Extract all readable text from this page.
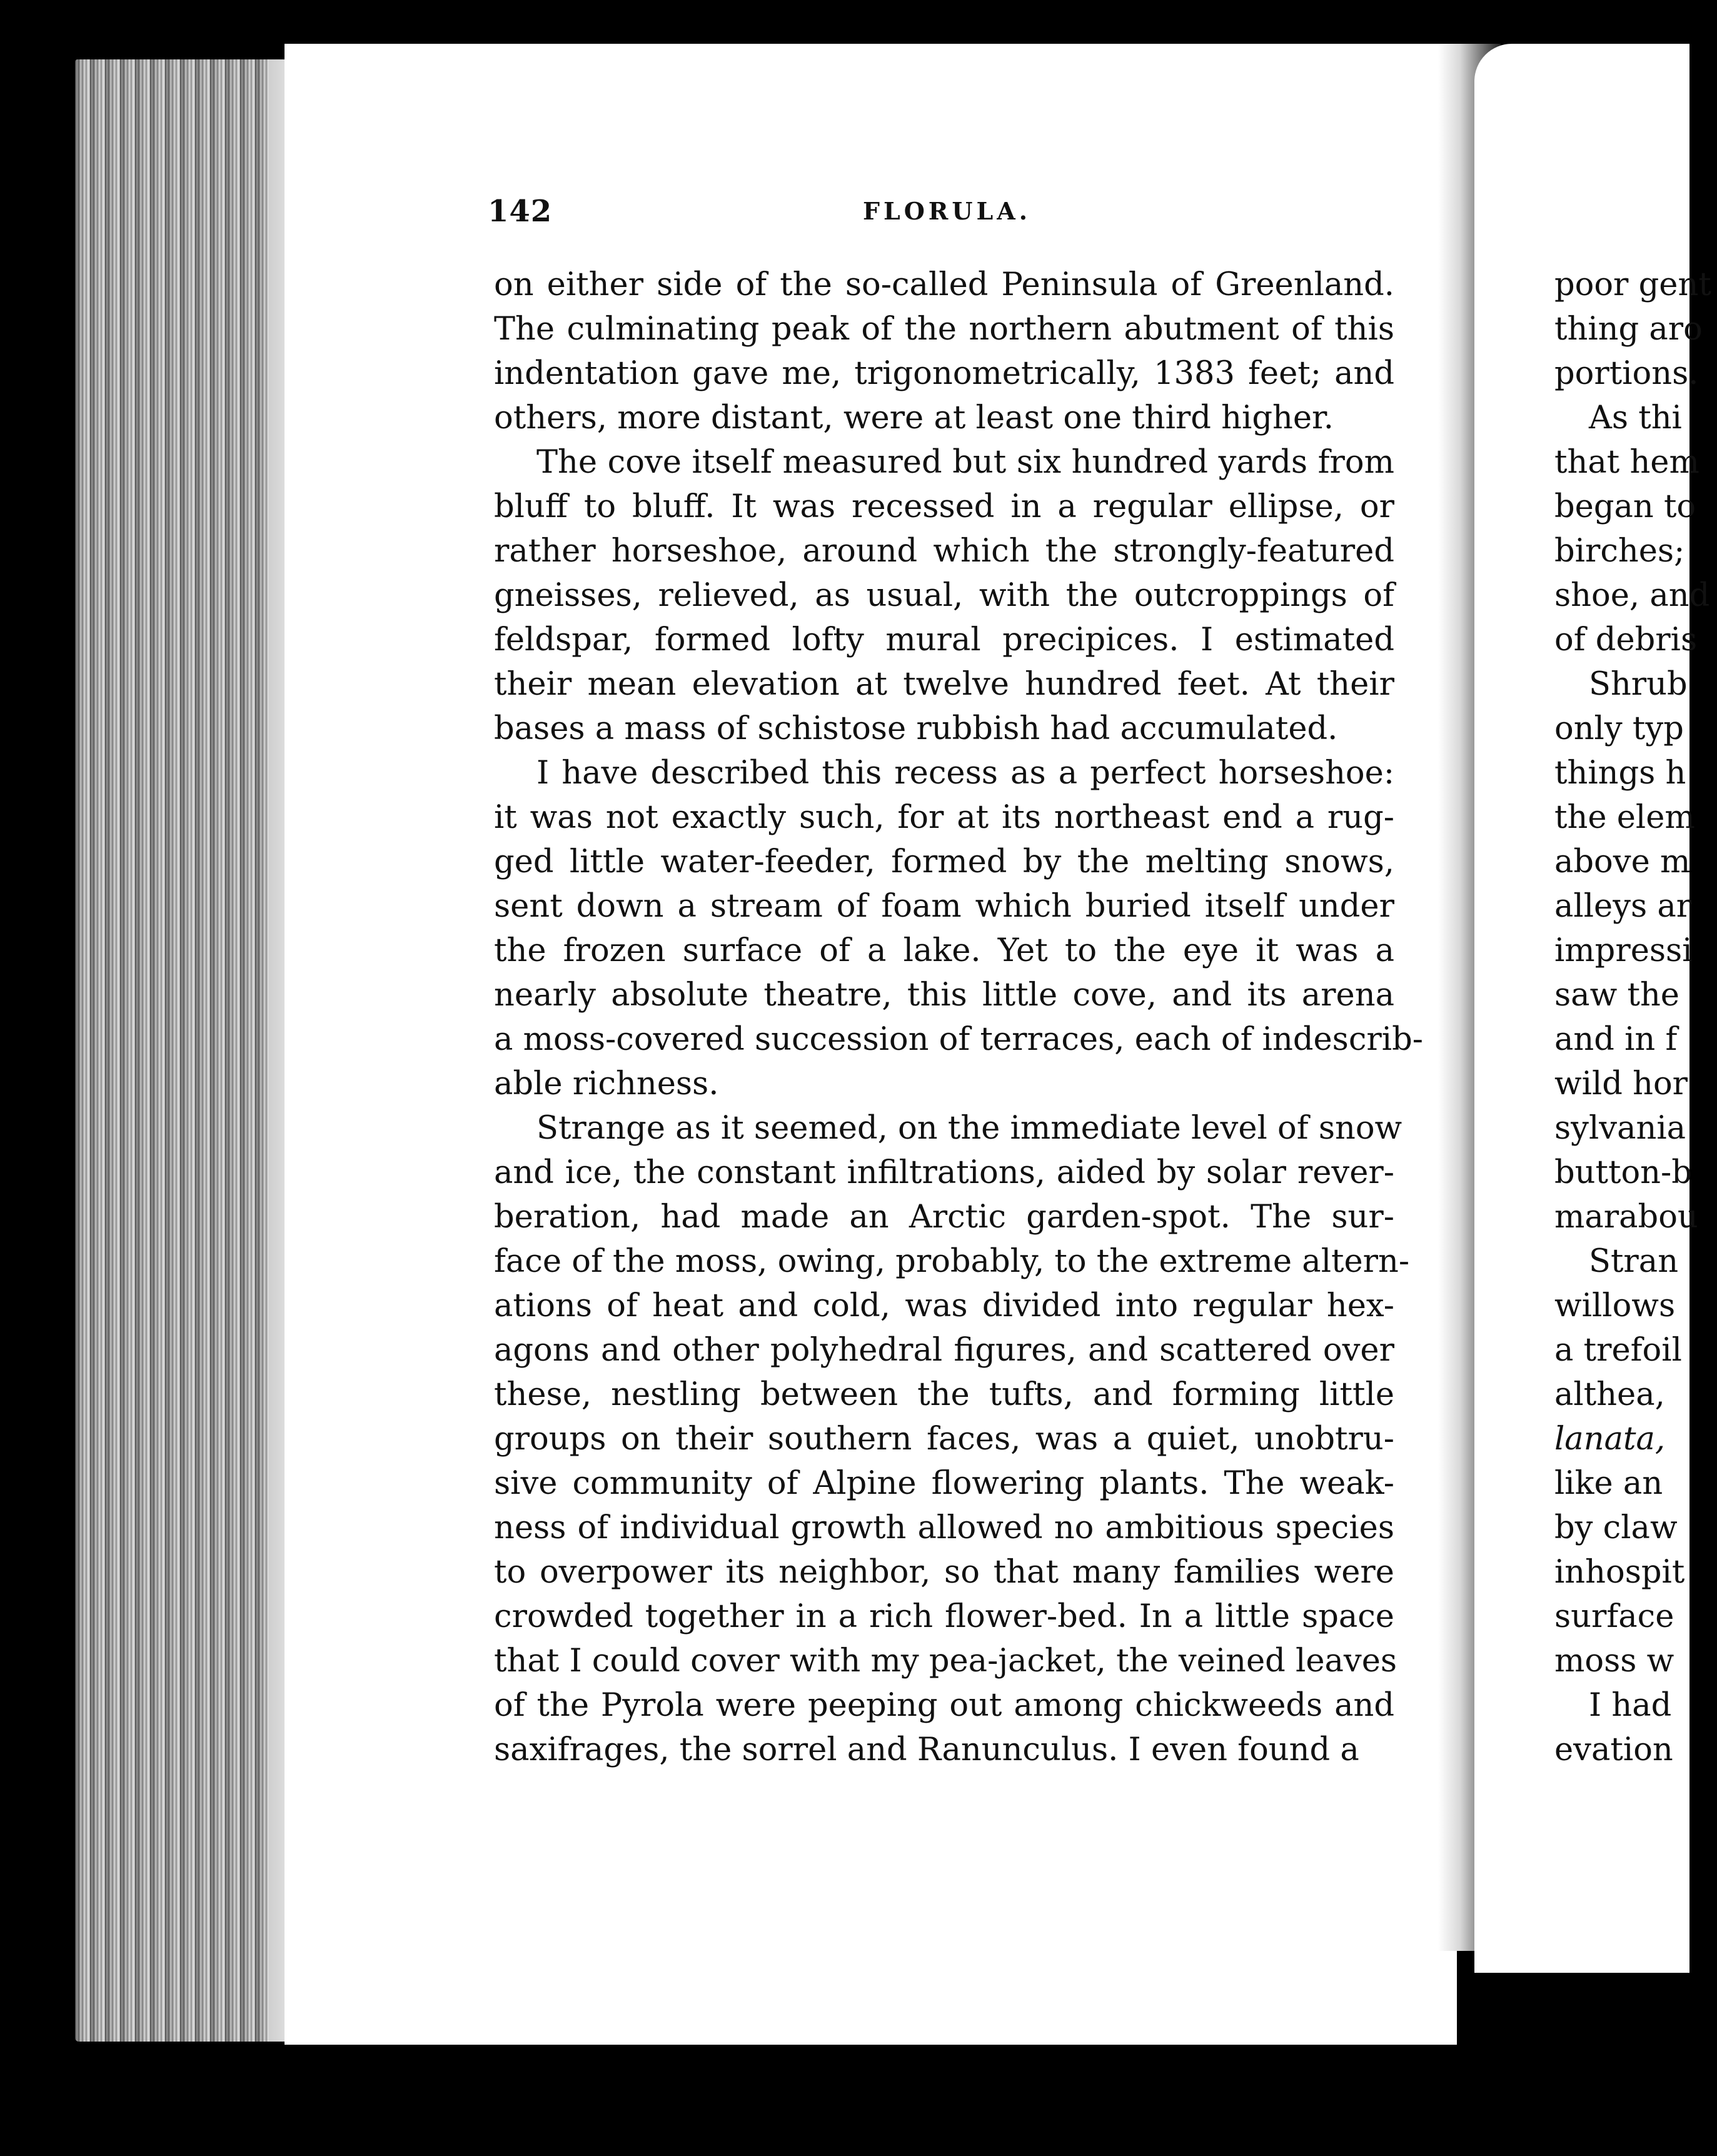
142	FLORULA.
on either side of the so-called Peninsula of Greenland.
The culminating peak of the northern abutment of this
indentation gave me, trigonometrically, 1383 feet; and
others, more distant, were at least one third higher.
The cove itself measured but six hundred yards from
bluff to bluff. It was recessed in a regular ellipse, or
rather horseshoe, around which the strongly-featured
gneisses, relieved, as usual, with the outcroppings of
feldspar, formed lofty mural precipices. I estimated
their mean elevation at twelve hundred feet. At their
bases a mass of schistose rubbish had accumulated.
I have described this recess as a perfect horseshoe:
it was not exactly such, for at its northeast end a rug-
ged little water-feeder, formed by the melting snows,
sent down a stream of foam which buried itself under
the frozen surface of a lake. Yet to the eye it was a
nearly absolute theatre, this little cove, and its arena
a moss-covered succession of terraces, each of indescrib-
able richness.
Strange as it seemed, on the immediate level of snow
and ice, the constant infiltrations, aided by solar rever-
beration, had made an Arctic garden-spot. The sur-
face of the moss, owing, probably, to the extreme altern-
ations of heat and cold, was divided into regular hex-
agons and other polyhedral figures, and scattered over
these, nestling between the tufts, and forming little
groups on their southern faces, was a quiet, unobtru-
sive community of Alpine flowering plants. The weak-
ness of individual growth allowed no ambitious species
to overpower its neighbor, so that many families were
crowded together in a rich flower-bed. In a little space
that I could cover with my pea-jacket, the veined leaves
of the Pyrola were peeping out among chickweeds and
saxifrages, the sorrel and Ranunculus. I even found a
poor gent
thing aro
portions.
As thi
that hem
began to
birches;
shoe, and
of debris
Shrub
only typ
things h
the elem
above m
alleys ar
impressi
saw the
and in f
wild hor
sylvania
button-b
marabou
Stran
willows
a trefoil
althea,
lanata,
like an
by claw
inhospit
surface
moss w
I had
evation
